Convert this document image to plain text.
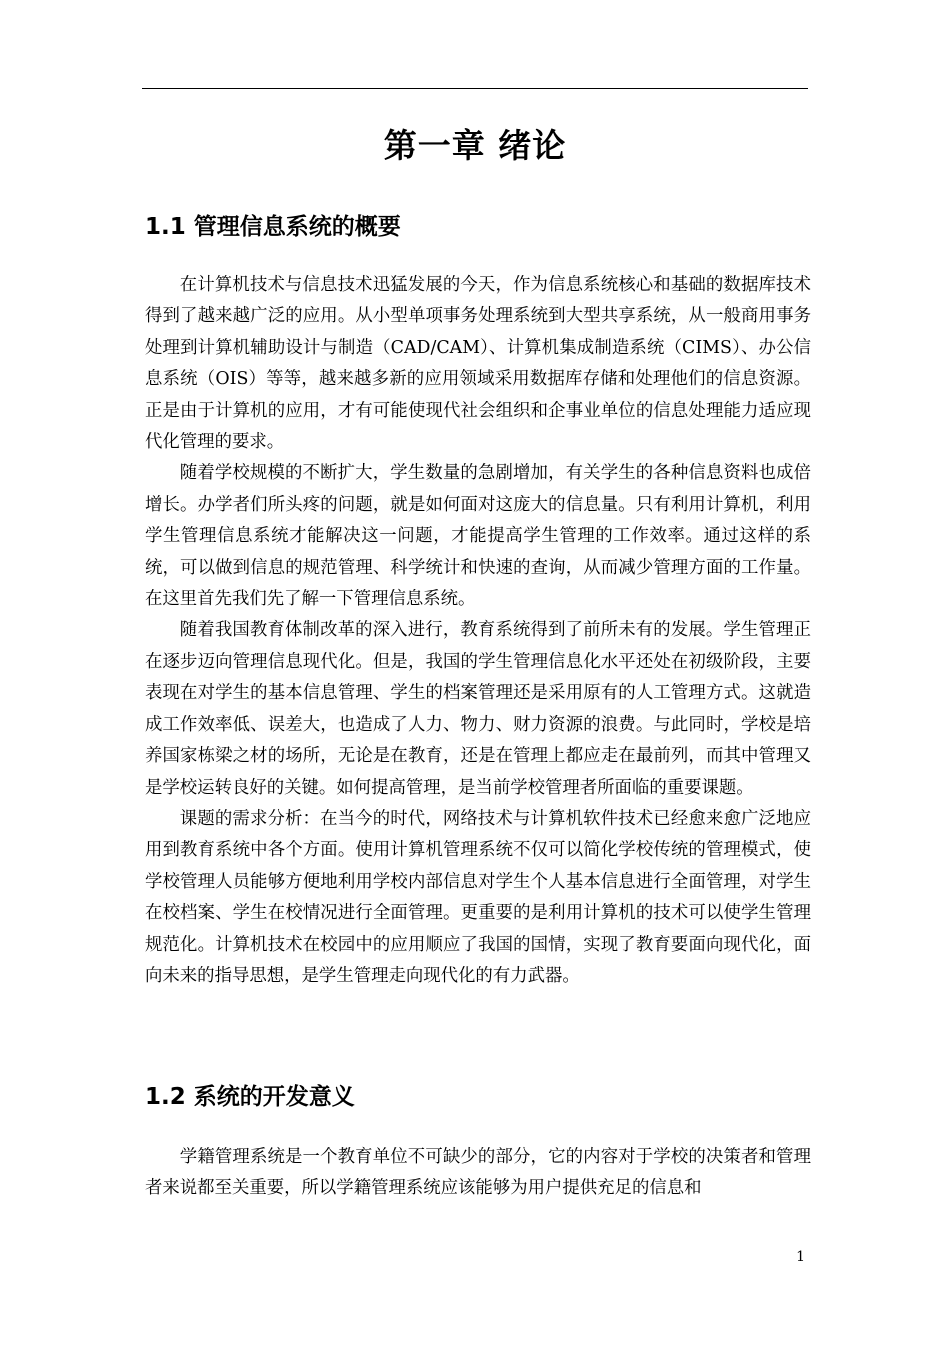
第一章 绪论
1.1 管理信息系统的概要

在计算机技术与信息技术迅猛发展的今天，作为信息系统核心和基础的数据库技术得到了越来越广泛的应用。从小型单项事务处理系统到大型共享系统，从一般商用事务处理到计算机辅助设计与制造（CAD/CAM）、计算机集成制造系统（CIMS）、办公信息系统（OIS）等等，越来越多新的应用领域采用数据库存储和处理他们的信息资源。正是由于计算机的应用，才有可能使现代社会组织和企事业单位的信息处理能力适应现代化管理的要求。

随着学校规模的不断扩大，学生数量的急剧增加，有关学生的各种信息资料也成倍增长。办学者们所头疼的问题，就是如何面对这庞大的信息量。只有利用计算机，利用学生管理信息系统才能解决这一问题，才能提高学生管理的工作效率。通过这样的系统，可以做到信息的规范管理、科学统计和快速的查询，从而减少管理方面的工作量。在这里首先我们先了解一下管理信息系统。

随着我国教育体制改革的深入进行，教育系统得到了前所未有的发展。学生管理正在逐步迈向管理信息现代化。但是，我国的学生管理信息化水平还处在初级阶段，主要表现在对学生的基本信息管理、学生的档案管理还是采用原有的人工管理方式。这就造成工作效率低、误差大，也造成了人力、物力、财力资源的浪费。与此同时，学校是培养国家栋梁之材的场所，无论是在教育，还是在管理上都应走在最前列，而其中管理又是学校运转良好的关键。如何提高管理，是当前学校管理者所面临的重要课题。

课题的需求分析：在当今的时代，网络技术与计算机软件技术已经愈来愈广泛地应用到教育系统中各个方面。使用计算机管理系统不仅可以简化学校传统的管理模式，使学校管理人员能够方便地利用学校内部信息对学生个人基本信息进行全面管理，对学生在校档案、学生在校情况进行全面管理。更重要的是利用计算机的技术可以使学生管理规范化。计算机技术在校园中的应用顺应了我国的国情，实现了教育要面向现代化，面向未来的指导思想，是学生管理走向现代化的有力武器。

1.2 系统的开发意义

学籍管理系统是一个教育单位不可缺少的部分，它的内容对于学校的决策者和管理者来说都至关重要，所以学籍管理系统应该能够为用户提供充足的信息和

1
